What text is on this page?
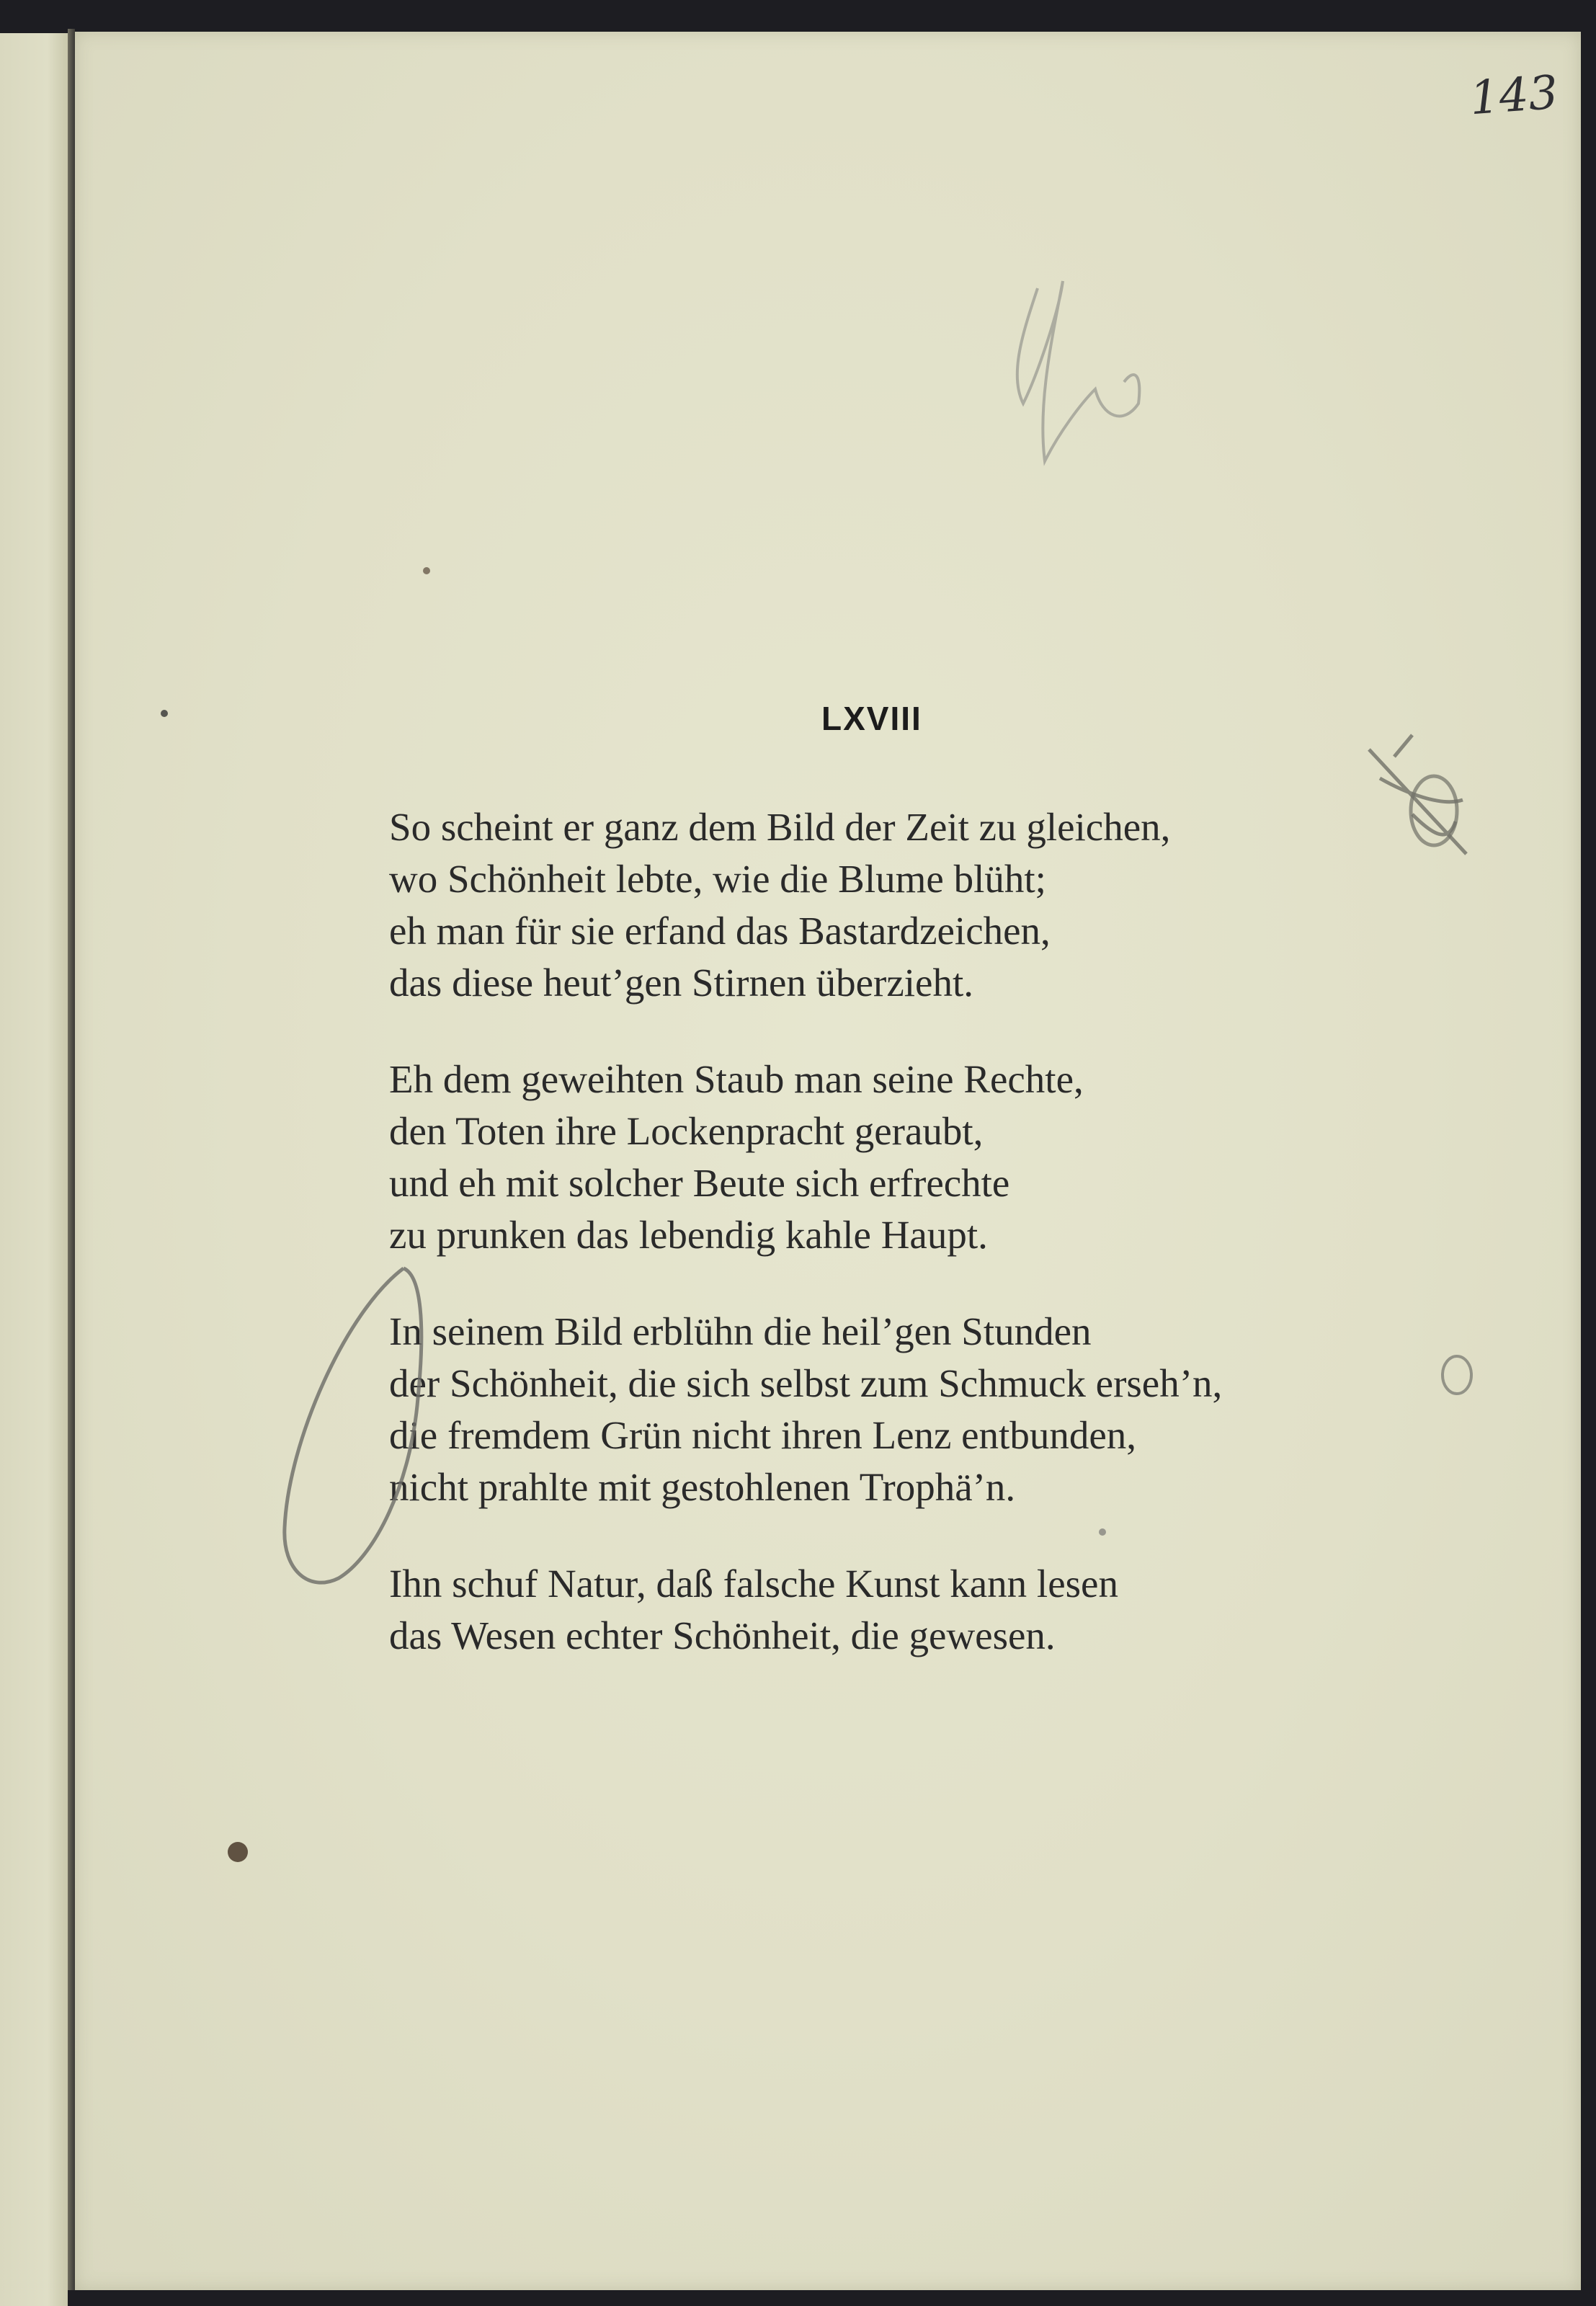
143
LXVIII
So scheint er ganz dem Bild der Zeit zu gleichen,
wo Schönheit lebte, wie die Blume blüht;
eh man für sie erfand das Bastardzeichen,
das diese heut’gen Stirnen überzieht.
Eh dem geweihten Staub man seine Rechte,
den Toten ihre Lockenpracht geraubt,
und eh mit solcher Beute sich erfrechte
zu prunken das lebendig kahle Haupt.
In seinem Bild erblühn die heil’gen Stunden
der Schönheit, die sich selbst zum Schmuck erseh’n,
die fremdem Grün nicht ihren Lenz entbunden,
nicht prahlte mit gestohlenen Trophä’n.
Ihn schuf Natur, daß falsche Kunst kann lesen
das Wesen echter Schönheit, die gewesen.
